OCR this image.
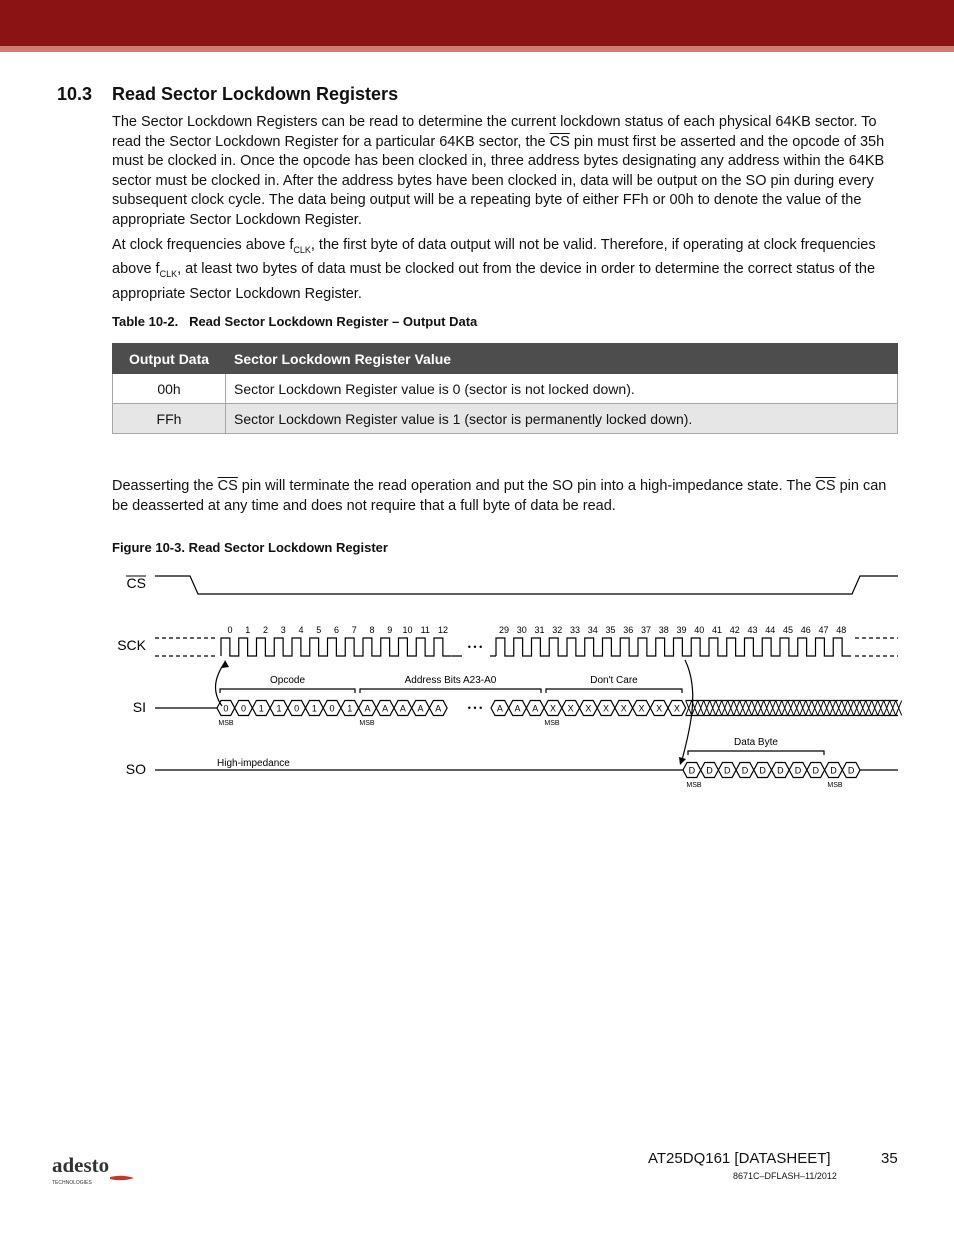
10.3 Read Sector Lockdown Registers

The Sector Lockdown Registers can be read to determine the current lockdown status of each physical 64KB sector. To read the Sector Lockdown Register for a particular 64KB sector, the $\overline{CS}$ pin must first be asserted and the opcode of 35h must be clocked in. Once the opcode has been clocked in, three address bytes designating any address within the 64KB sector must be clocked in. After the address bytes have been clocked in, data will be output on the SO pin during every subsequent clock cycle. The data being output will be a repeating byte of either FFh or 00h to denote the value of the appropriate Sector Lockdown Register.

At clock frequencies above $f_{CLK}$, the first byte of data output will not be valid. Therefore, if operating at clock frequencies above $f_{CLK}$, at least two bytes of data must be clocked out from the device in order to determine the correct status of the appropriate Sector Lockdown Register.

Table 10-2.   Read Sector Lockdown Register – Output Data
Output Data	Sector Lockdown Register Value
00h	Sector Lockdown Register value is 0 (sector is not locked down).
FFh	Sector Lockdown Register value is 1 (sector is permanently locked down).

Deasserting the $\overline{CS}$ pin will terminate the read operation and put the SO pin into a high-impedance state. The $\overline{CS}$ pin can be deasserted at any time and does not require that a full byte of data be read.

Figure 10-3. Read Sector Lockdown Register
CS
SCK
SI
SO
• • •
0 1 2 3 4 5 6 7 8 9 10 11 12	29 30 31 32 33 34 35 36 37 38 39 40 41 42 43 44 45 46 47 48
0 0 1 1 0 1 0 1 A A A A A	• • • A A A X X X X X X X X
MSB	MSB	MSB
Opcode	Address Bits A23-A0	Don't Care
Data Byte
High-impedance
D D D D D D D D D D
MSB	MSB
adesto
TECHNOLOGIES
AT25DQ161 [DATASHEET]	35
8671C–DFLASH–11/2012
